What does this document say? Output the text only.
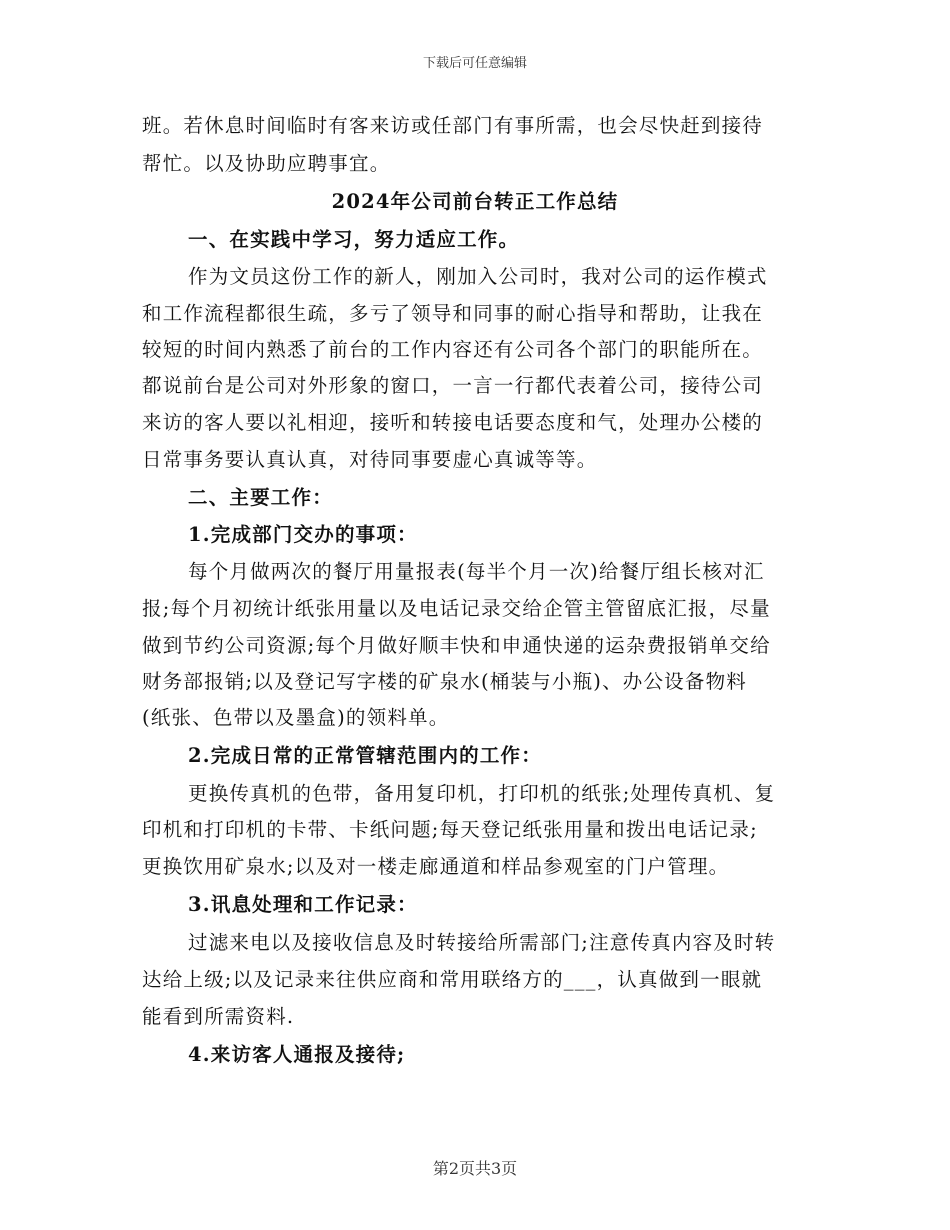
下载后可任意编辑
班。若休息时间临时有客来访或任部门有事所需，也会尽快赶到接待
帮忙。以及协助应聘事宜。
2024年公司前台转正工作总结
一、在实践中学习，努力适应工作。
作为文员这份工作的新人，刚加入公司时，我对公司的运作模式
和工作流程都很生疏，多亏了领导和同事的耐心指导和帮助，让我在
较短的时间内熟悉了前台的工作内容还有公司各个部门的职能所在。
都说前台是公司对外形象的窗口，一言一行都代表着公司，接待公司
来访的客人要以礼相迎，接听和转接电话要态度和气，处理办公楼的
日常事务要认真认真，对待同事要虚心真诚等等。
二、主要工作：
1.完成部门交办的事项：
每个月做两次的餐厅用量报表(每半个月一次)给餐厅组长核对汇
报;每个月初统计纸张用量以及电话记录交给企管主管留底汇报，尽量
做到节约公司资源;每个月做好顺丰快和申通快递的运杂费报销单交给
财务部报销;以及登记写字楼的矿泉水(桶装与小瓶)、办公设备物料
(纸张、色带以及墨盒)的领料单。
2.完成日常的正常管辖范围内的工作：
更换传真机的色带，备用复印机，打印机的纸张;处理传真机、复
印机和打印机的卡带、卡纸问题;每天登记纸张用量和拨出电话记录;
更换饮用矿泉水;以及对一楼走廊通道和样品参观室的门户管理。
3.讯息处理和工作记录：
过滤来电以及接收信息及时转接给所需部门;注意传真内容及时转
达给上级;以及记录来往供应商和常用联络方的___，认真做到一眼就
能看到所需资料.
4.来访客人通报及接待;
第2页共3页
